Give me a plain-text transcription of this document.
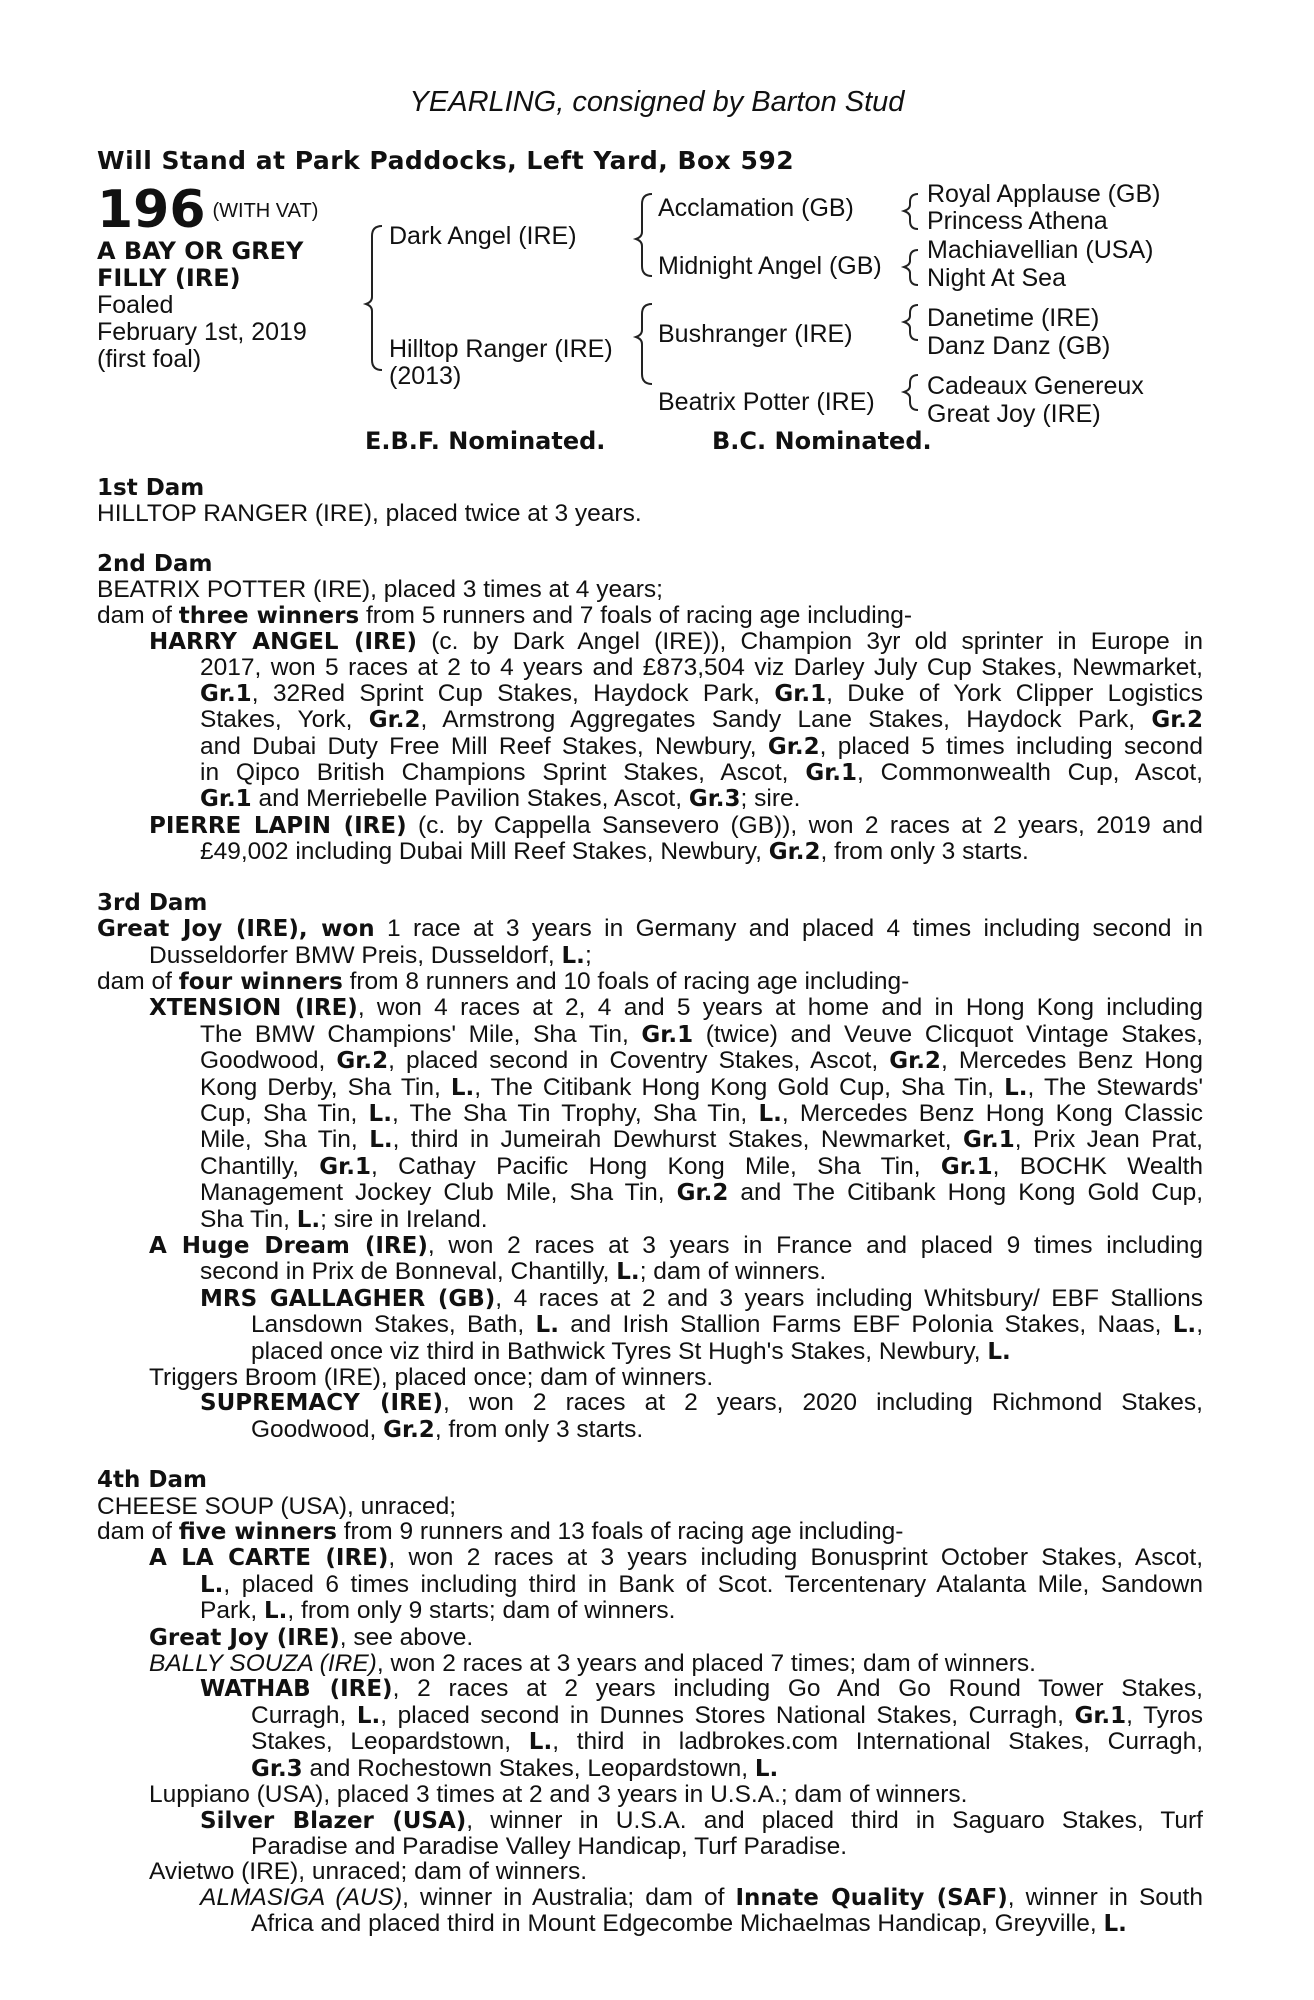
YEARLING, consigned by Barton Stud
Will Stand at Park Paddocks, Left Yard, Box 592
196 $^{(WITH VAT)}$
A BAY OR GREY
FILLY (IRE)
Foaled
February 1st, 2019
(first foal)
Dark Angel (IRE)
Hilltop Ranger (IRE)
(2013)
Acclamation (GB)
Midnight Angel (GB)
Bushranger (IRE)
Beatrix Potter (IRE)
Royal Applause (GB)
Princess Athena
Machiavellian (USA)
Night At Sea
Danetime (IRE)
Danz Danz (GB)
Cadeaux Genereux
Great Joy (IRE)
E.B.F. Nominated.	B.C. Nominated.
1st Dam
HILLTOP RANGER (IRE), placed twice at 3 years.
2nd Dam
BEATRIX POTTER (IRE), placed 3 times at 4 years;
dam of three winners from 5 runners and 7 foals of racing age including-
HARRY ANGEL (IRE) (c. by Dark Angel (IRE)), Champion 3yr old sprinter in Europe in
2017, won 5 races at 2 to 4 years and £873,504 viz Darley July Cup Stakes, Newmarket,
Gr.1, 32Red Sprint Cup Stakes, Haydock Park, Gr.1, Duke of York Clipper Logistics
Stakes, York, Gr.2, Armstrong Aggregates Sandy Lane Stakes, Haydock Park, Gr.2
and Dubai Duty Free Mill Reef Stakes, Newbury, Gr.2, placed 5 times including second
in Qipco British Champions Sprint Stakes, Ascot, Gr.1, Commonwealth Cup, Ascot,
Gr.1 and Merriebelle Pavilion Stakes, Ascot, Gr.3; sire.
PIERRE LAPIN (IRE) (c. by Cappella Sansevero (GB)), won 2 races at 2 years, 2019 and
£49,002 including Dubai Mill Reef Stakes, Newbury, Gr.2, from only 3 starts.
3rd Dam
Great Joy (IRE), won 1 race at 3 years in Germany and placed 4 times including second in
Dusseldorfer BMW Preis, Dusseldorf, L.;
dam of four winners from 8 runners and 10 foals of racing age including-
XTENSION (IRE), won 4 races at 2, 4 and 5 years at home and in Hong Kong including
The BMW Champions' Mile, Sha Tin, Gr.1 (twice) and Veuve Clicquot Vintage Stakes,
Goodwood, Gr.2, placed second in Coventry Stakes, Ascot, Gr.2, Mercedes Benz Hong
Kong Derby, Sha Tin, L., The Citibank Hong Kong Gold Cup, Sha Tin, L., The Stewards'
Cup, Sha Tin, L., The Sha Tin Trophy, Sha Tin, L., Mercedes Benz Hong Kong Classic
Mile, Sha Tin, L., third in Jumeirah Dewhurst Stakes, Newmarket, Gr.1, Prix Jean Prat,
Chantilly, Gr.1, Cathay Pacific Hong Kong Mile, Sha Tin, Gr.1, BOCHK Wealth
Management Jockey Club Mile, Sha Tin, Gr.2 and The Citibank Hong Kong Gold Cup,
Sha Tin, L.; sire in Ireland.
A Huge Dream (IRE), won 2 races at 3 years in France and placed 9 times including
second in Prix de Bonneval, Chantilly, L.; dam of winners.
MRS GALLAGHER (GB), 4 races at 2 and 3 years including Whitsbury/ EBF Stallions
Lansdown Stakes, Bath, L. and Irish Stallion Farms EBF Polonia Stakes, Naas, L.,
placed once viz third in Bathwick Tyres St Hugh's Stakes, Newbury, L.
Triggers Broom (IRE), placed once; dam of winners.
SUPREMACY (IRE), won 2 races at 2 years, 2020 including Richmond Stakes,
Goodwood, Gr.2, from only 3 starts.
4th Dam
CHEESE SOUP (USA), unraced;
dam of five winners from 9 runners and 13 foals of racing age including-
A LA CARTE (IRE), won 2 races at 3 years including Bonusprint October Stakes, Ascot,
L., placed 6 times including third in Bank of Scot. Tercentenary Atalanta Mile, Sandown
Park, L., from only 9 starts; dam of winners.
Great Joy (IRE), see above.
BALLY SOUZA (IRE), won 2 races at 3 years and placed 7 times; dam of winners.
WATHAB (IRE), 2 races at 2 years including Go And Go Round Tower Stakes,
Curragh, L., placed second in Dunnes Stores National Stakes, Curragh, Gr.1, Tyros
Stakes, Leopardstown, L., third in ladbrokes.com International Stakes, Curragh,
Gr.3 and Rochestown Stakes, Leopardstown, L.
Luppiano (USA), placed 3 times at 2 and 3 years in U.S.A.; dam of winners.
Silver Blazer (USA), winner in U.S.A. and placed third in Saguaro Stakes, Turf
Paradise and Paradise Valley Handicap, Turf Paradise.
Avietwo (IRE), unraced; dam of winners.
ALMASIGA (AUS), winner in Australia; dam of Innate Quality (SAF), winner in South
Africa and placed third in Mount Edgecombe Michaelmas Handicap, Greyville, L.
